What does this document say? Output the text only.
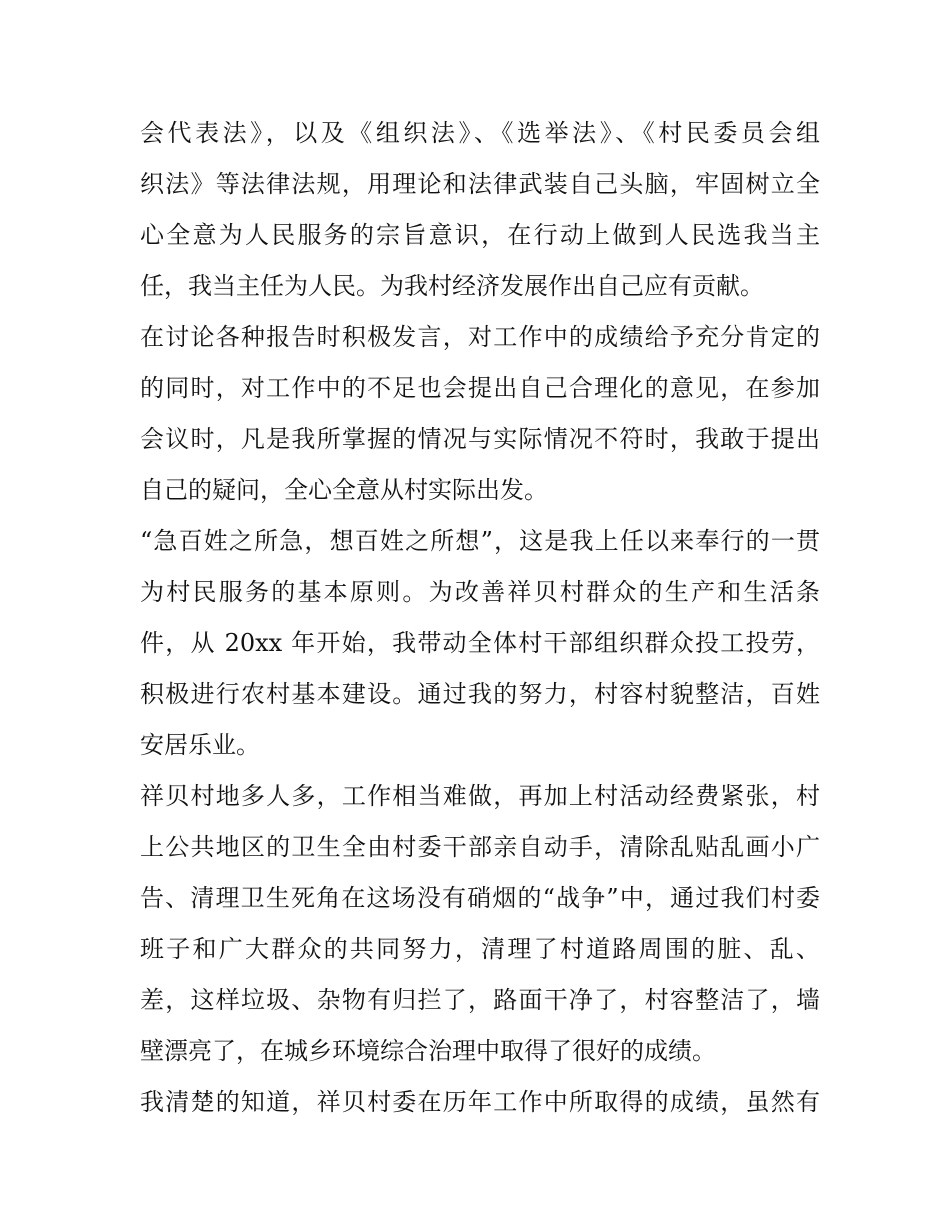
会代表法》，以及《组织法》、《选举法》、《村民委员会组
织法》等法律法规，用理论和法律武装自己头脑，牢固树立全
心全意为人民服务的宗旨意识，在行动上做到人民选我当主
任，我当主任为人民。为我村经济发展作出自己应有贡献。
在讨论各种报告时积极发言，对工作中的成绩给予充分肯定的
的同时，对工作中的不足也会提出自己合理化的意见，在参加
会议时，凡是我所掌握的情况与实际情况不符时，我敢于提出
自己的疑问，全心全意从村实际出发。
“急百姓之所急，想百姓之所想”，这是我上任以来奉行的一贯
为村民服务的基本原则。为改善祥贝村群众的生产和生活条
件，从 20xx 年开始，我带动全体村干部组织群众投工投劳，
积极进行农村基本建设。通过我的努力，村容村貌整洁，百姓
安居乐业。
祥贝村地多人多，工作相当难做，再加上村活动经费紧张，村
上公共地区的卫生全由村委干部亲自动手，清除乱贴乱画小广
告、清理卫生死角在这场没有硝烟的“战争”中，通过我们村委
班子和广大群众的共同努力，清理了村道路周围的脏、乱、
差，这样垃圾、杂物有归拦了，路面干净了，村容整洁了，墙
壁漂亮了，在城乡环境综合治理中取得了很好的成绩。
我清楚的知道，祥贝村委在历年工作中所取得的成绩，虽然有
